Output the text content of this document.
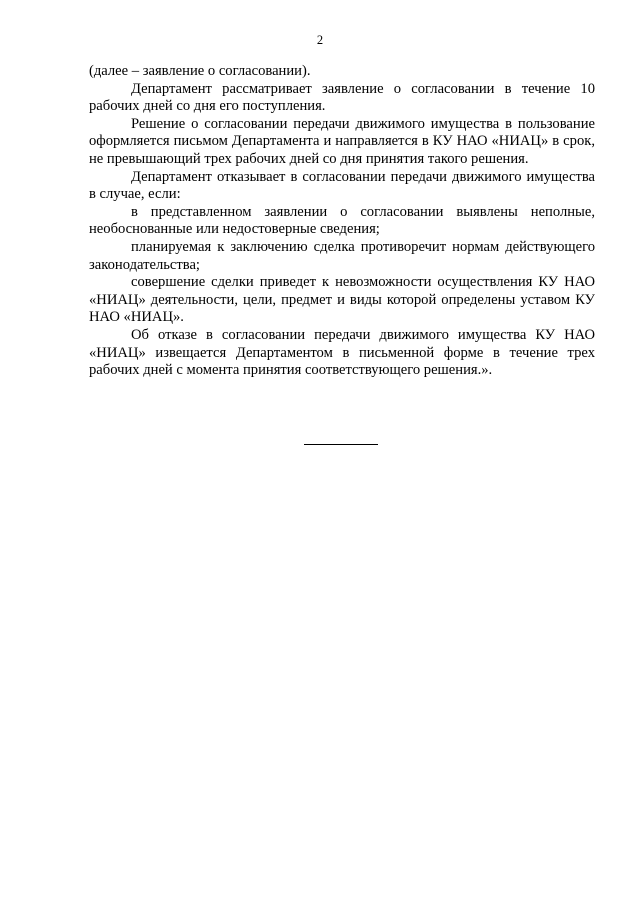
2

(далее – заявление о согласовании).

Департамент рассматривает заявление о согласовании в течение 10 рабочих дней со дня его поступления.

Решение о согласовании передачи движимого имущества в пользование оформляется письмом Департамента и направляется в КУ НАО «НИАЦ» в срок, не превышающий трех рабочих дней со дня принятия такого решения.

Департамент отказывает в согласовании передачи движимого имущества в случае, если:

в представленном заявлении о согласовании выявлены неполные, необоснованные или недостоверные сведения;

планируемая к заключению сделка противоречит нормам действующего законодательства;

совершение сделки приведет к невозможности осуществления КУ НАО «НИАЦ» деятельности, цели, предмет и виды которой определены уставом КУ НАО «НИАЦ».

Об отказе в согласовании передачи движимого имущества КУ НАО «НИАЦ» извещается Департаментом в письменной форме в течение трех рабочих дней с момента принятия соответствующего решения.».
